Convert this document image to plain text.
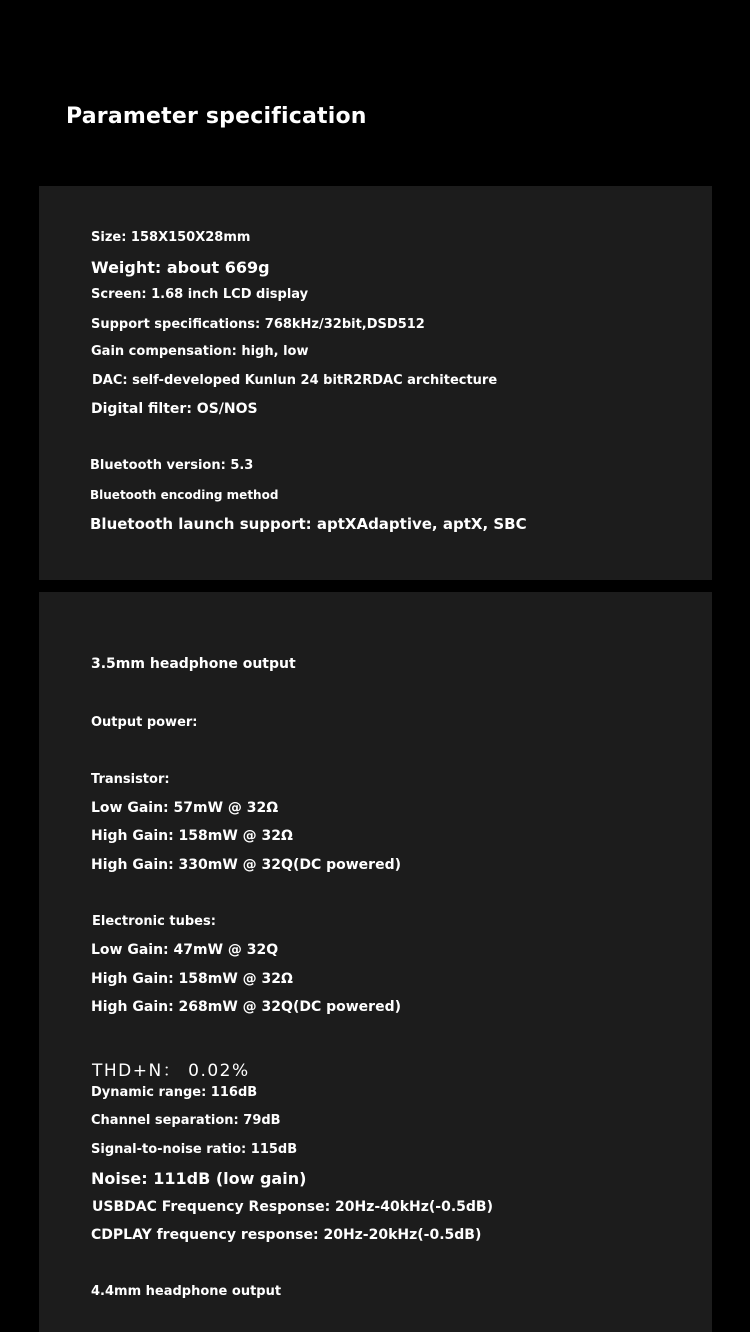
Parameter specification
Size: 158X150X28mm
Weight: about 669g
Screen: 1.68 inch LCD display
Support specifications: 768kHz/32bit,DSD512
Gain compensation: high, low
DAC: self-developed Kunlun 24 bitR2RDAC architecture
Digital filter: OS/NOS
Bluetooth version: 5.3
Bluetooth encoding method
Bluetooth launch support: aptXAdaptive, aptX, SBC
3.5mm headphone output
Output power:
Transistor:
Low Gain: 57mW @ 32Ω
High Gain: 158mW @ 32Ω
High Gain: 330mW @ 32Q(DC powered)
Electronic tubes:
Low Gain: 47mW @ 32Q
High Gain: 158mW @ 32Ω
High Gain: 268mW @ 32Q(DC powered)
THD+N： 0.02%
Dynamic range: 116dB
Channel separation: 79dB
Signal-to-noise ratio: 115dB
Noise: 111dB (low gain)
USBDAC Frequency Response: 20Hz-40kHz(-0.5dB)
CDPLAY frequency response: 20Hz-20kHz(-0.5dB)
4.4mm headphone output
